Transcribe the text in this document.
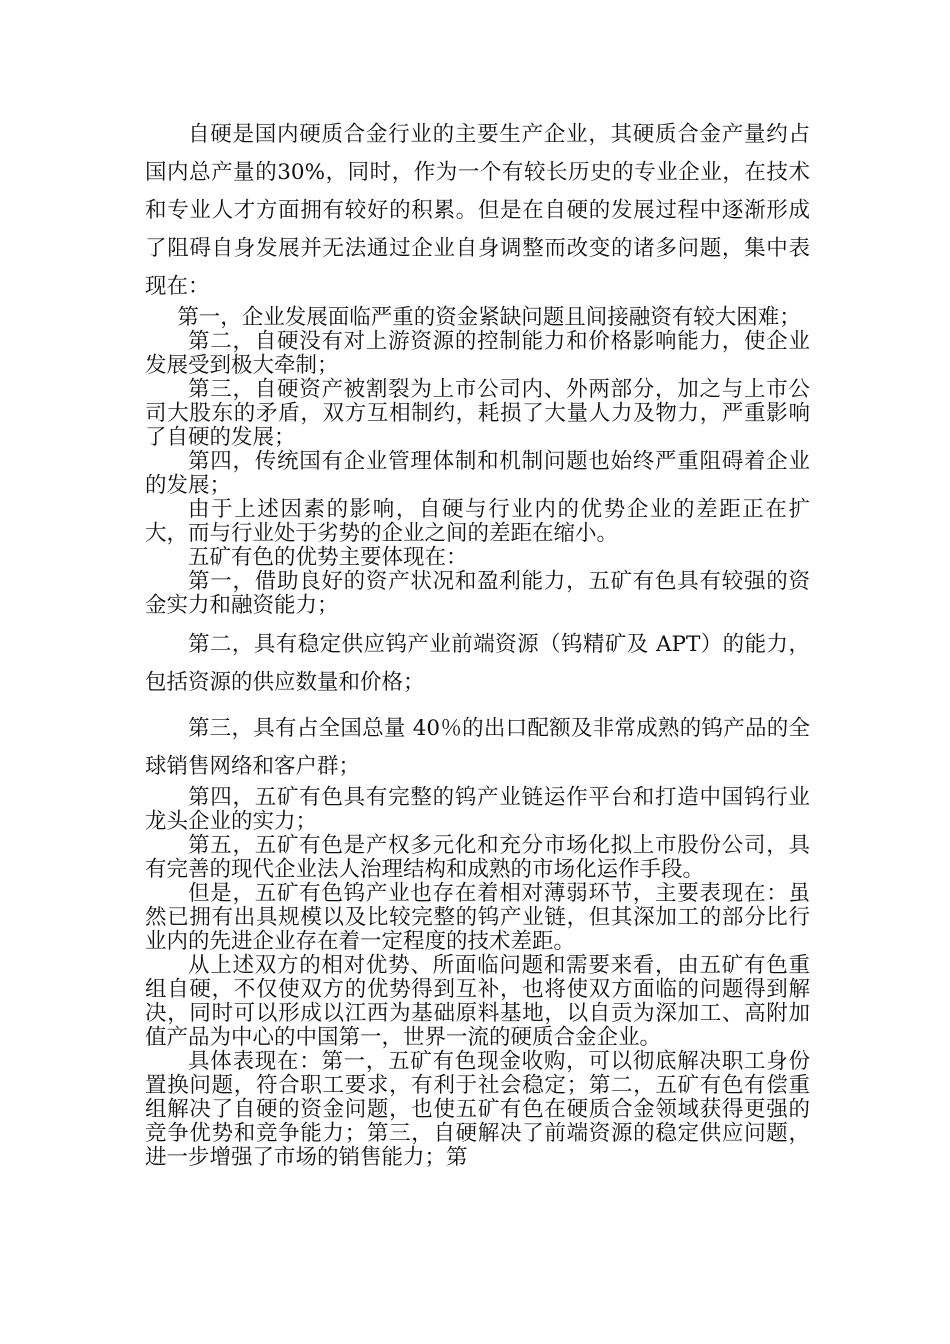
自硬是国内硬质合金行业的主要生产企业，其硬质合金产量约占国内总产量的30%，同时，作为一个有较长历史的专业企业，在技术和专业人才方面拥有较好的积累。但是在自硬的发展过程中逐渐形成了阻碍自身发展并无法通过企业自身调整而改变的诸多问题，集中表现在：

第一，企业发展面临严重的资金紧缺问题且间接融资有较大困难；

第二，自硬没有对上游资源的控制能力和价格影响能力，使企业发展受到极大牵制；

第三，自硬资产被割裂为上市公司内、外两部分，加之与上市公司大股东的矛盾，双方互相制约，耗损了大量人力及物力，严重影响了自硬的发展；

第四，传统国有企业管理体制和机制问题也始终严重阻碍着企业的发展；

由于上述因素的影响，自硬与行业内的优势企业的差距正在扩大，而与行业处于劣势的企业之间的差距在缩小。

五矿有色的优势主要体现在：

第一，借助良好的资产状况和盈利能力，五矿有色具有较强的资金实力和融资能力；

第二，具有稳定供应钨产业前端资源（钨精矿及 APT）的能力，包括资源的供应数量和价格；

第三，具有占全国总量 40％的出口配额及非常成熟的钨产品的全球销售网络和客户群；

第四，五矿有色具有完整的钨产业链运作平台和打造中国钨行业龙头企业的实力；

第五，五矿有色是产权多元化和充分市场化拟上市股份公司，具有完善的现代企业法人治理结构和成熟的市场化运作手段。

但是，五矿有色钨产业也存在着相对薄弱环节，主要表现在：虽然已拥有出具规模以及比较完整的钨产业链，但其深加工的部分比行业内的先进企业存在着一定程度的技术差距。

从上述双方的相对优势、所面临问题和需要来看，由五矿有色重组自硬，不仅使双方的优势得到互补，也将使双方面临的问题得到解决，同时可以形成以江西为基础原料基地，以自贡为深加工、高附加值产品为中心的中国第一，世界一流的硬质合金企业。

具体表现在：第一，五矿有色现金收购，可以彻底解决职工身份置换问题，符合职工要求，有利于社会稳定；第二，五矿有色有偿重组解决了自硬的资金问题，也使五矿有色在硬质合金领域获得更强的竞争优势和竞争能力；第三，自硬解决了前端资源的稳定供应问题，进一步增强了市场的销售能力；第
